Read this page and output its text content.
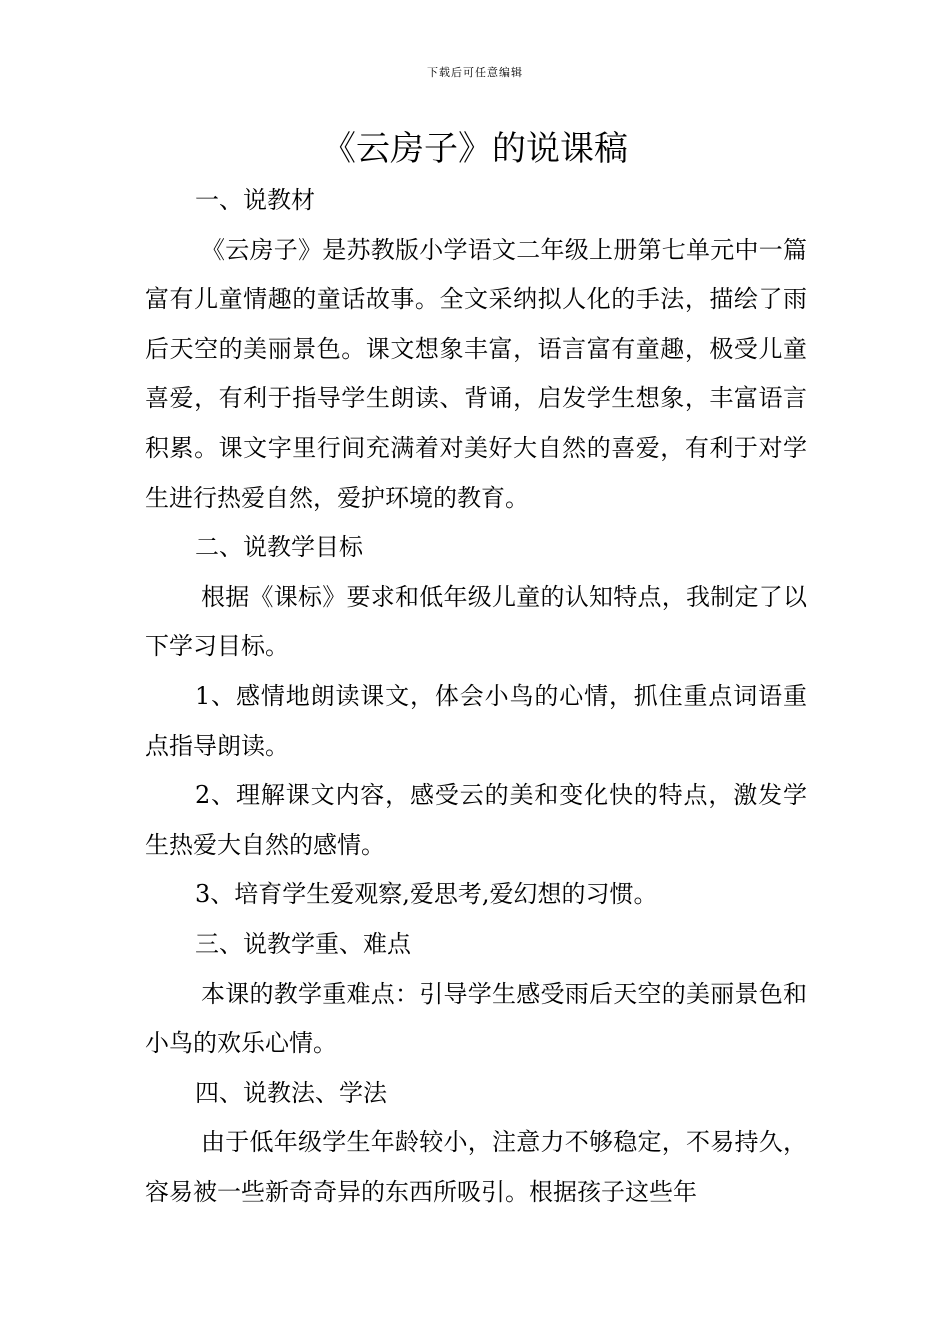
下载后可任意编辑
《云房子》的说课稿

一、说教材

《云房子》是苏教版小学语文二年级上册第七单元中一篇富有儿童情趣的童话故事。全文采纳拟人化的手法，描绘了雨后天空的美丽景色。课文想象丰富，语言富有童趣，极受儿童喜爱，有利于指导学生朗读、背诵，启发学生想象，丰富语言积累。课文字里行间充满着对美好大自然的喜爱，有利于对学生进行热爱自然，爱护环境的教育。

二、说教学目标

根据《课标》要求和低年级儿童的认知特点，我制定了以下学习目标。

1、感情地朗读课文，体会小鸟的心情，抓住重点词语重点指导朗读。

2、理解课文内容，感受云的美和变化快的特点，激发学生热爱大自然的感情。

3、培育学生爱观察,爱思考,爱幻想的习惯。

三、说教学重、难点

本课的教学重难点：引导学生感受雨后天空的美丽景色和小鸟的欢乐心情。

四、说教法、学法

由于低年级学生年龄较小，注意力不够稳定，不易持久，容易被一些新奇奇异的东西所吸引。根据孩子这些年
